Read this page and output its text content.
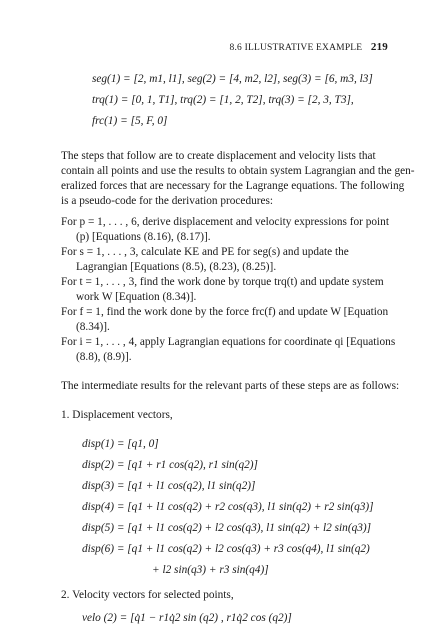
8.6 ILLUSTRATIVE EXAMPLE 219
seg(1) = [2, m1, l1], seg(2) = [4, m2, l2], seg(3) = [6, m3, l3]
trq(1) = [0, 1, T1], trq(2) = [1, 2, T2], trq(3) = [2, 3, T3],
frc(1) = [5, F, 0]

The steps that follow are to create displacement and velocity lists that

contain all points and use the results to obtain system Lagrangian and the gen-

eralized forces that are necessary for the Lagrange equations. The following

is a pseudo-code for the derivation procedures:

For p = 1, . . . , 6, derive displacement and velocity expressions for point

(p) [Equations (8.16), (8.17)].

For s = 1, . . . , 3, calculate KE and PE for seg(s) and update the

Lagrangian [Equations (8.5), (8.23), (8.25)].

For t = 1, . . . , 3, find the work done by torque trq(t) and update system

work W [Equation (8.34)].

For f = 1, find the work done by the force frc(f) and update W [Equation

(8.34)].

For i = 1, . . . , 4, apply Lagrangian equations for coordinate qi [Equations

(8.8), (8.9)].

The intermediate results for the relevant parts of these steps are as follows:
1. Displacement vectors,
disp(1) = [q1, 0]
disp(2) = [q1 + r1 cos(q2), r1 sin(q2)]
disp(3) = [q1 + l1 cos(q2), l1 sin(q2)]
disp(4) = [q1 + l1 cos(q2) + r2 cos(q3), l1 sin(q2) + r2 sin(q3)]
disp(5) = [q1 + l1 cos(q2) + l2 cos(q3), l1 sin(q2) + l2 sin(q3)]
disp(6) = [q1 + l1 cos(q2) + l2 cos(q3) + r3 cos(q4), l1 sin(q2)
+ l2 sin(q3) + r3 sin(q4)]
2. Velocity vectors for selected points,
velo (2) = [q̇1 − r1q̇2 sin (q2) , r1q̇2 cos (q2)]
